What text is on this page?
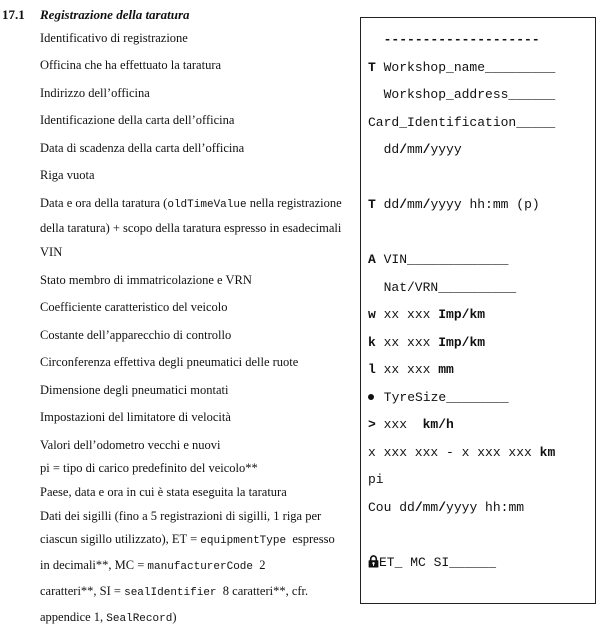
17.1	Registrazione della taratura
Identificativo di registrazione
Officina che ha effettuato la taratura
Indirizzo dell’officina
Identificazione della carta dell’officina
Data di scadenza della carta dell’officina
Riga vuota
Data e ora della taratura (oldTimeValue nella registrazione
della taratura) + scopo della taratura espresso in esadecimali
VIN
Stato membro di immatricolazione e VRN
Coefficiente caratteristico del veicolo
Costante dell’apparecchio di controllo
Circonferenza effettiva degli pneumatici delle ruote
Dimensione degli pneumatici montati
Impostazioni del limitatore di velocità
Valori dell’odometro vecchi e nuovi
pi = tipo di carico predefinito del veicolo**
Paese, data e ora in cui è stata eseguita la taratura
Dati dei sigilli (fino a 5 registrazioni di sigilli, 1 riga per
ciascun sigillo utilizzato), ET = equipmentType  espresso
in decimali**, MC = manufacturerCode  2
caratteri**, SI = sealIdentifier  8 caratteri**, cfr.
appendice 1, SealRecord)
--------------------
T Workshop_name_________
Workshop_address______
Card_Identification_____
dd/mm/yyyy

T dd/mm/yyyy hh:mm (p)

A VIN_____________
Nat/VRN__________
w xx xxx Imp/km
k xx xxx Imp/km
l xx xxx mm
TyreSize________
> xxx  km/h
x xxx xxx - x xxx xxx km
pi
Cou dd/mm/yyyy hh:mm

ET_ MC SI______
